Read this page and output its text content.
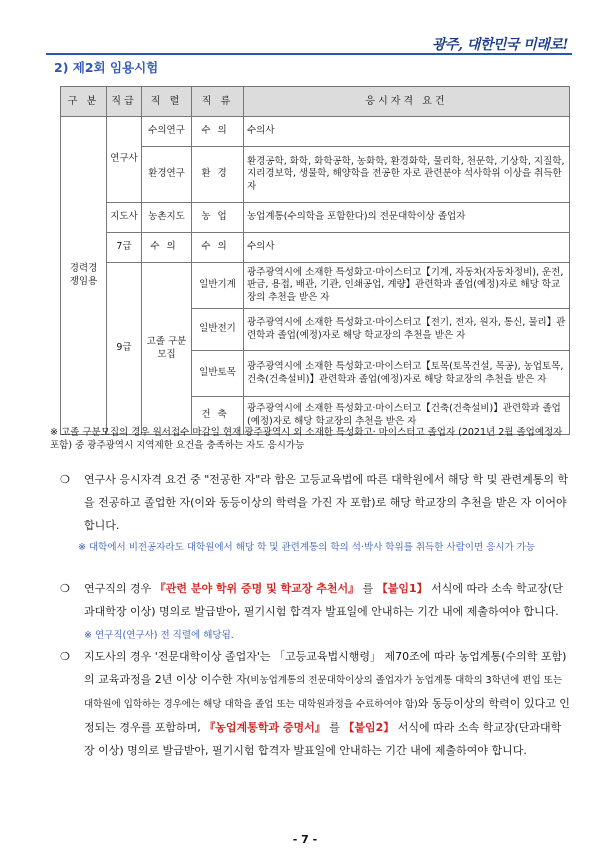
광주, 대한민국 미래로!
2) 제2회 임용시험
구 분	직급	직 렬	직 류	응시자격 요건

경력경쟁임용	연구사	수의연구	수의	수의사
		환경연구	환경	환경공학, 화학, 화학공학, 농화학, 환경화학, 물리학, 천문학, 기상학, 지질학, 지리경보학, 생물학, 해양학을 전공한 자로 관련분야 석사학위 이상을 취득한 자
	지도사	농촌지도	농업	농업계통(수의학을 포함한다)의 전문대학이상 졸업자
	7급	수의	수의	수의사
	9급	고졸 구분모집	일반기계	광주광역시에 소재한 특성화고·마이스터고【기계, 자동차(자동차정비), 운전, 판금, 용접, 배관, 기관, 인쇄공업, 계량】관련학과 졸업(예정)자로 해당 학교장의 추천을 받은 자
			일반전기	광주광역시에 소재한 특성화고·마이스터고【전기, 전자, 원자, 통신, 물리】관련학과 졸업(예정)자로 해당 학교장의 추천을 받은 자
			일반토목	광주광역시에 소재한 특성화고·마이스터고【토목(토목건설, 목공), 농업토목, 건축(건축설비)】관련학과 졸업(예정)자로 해당 학교장의 추천을 받은 자
			건축	광주광역시에 소재한 특성화고·마이스터고【건축(건축설비)】관련학과 졸업(예정)자로 해당 학교장의 추천을 받은 자
※ 고졸 구분모집의 경우 원서접수 마감일 현재 광주광역시 외 소재한 특성화고· 마이스터고 졸업자 (2021년 2월 졸업예정자 포함) 중 광주광역시 지역제한 요건을 충족하는 자도 응시가능
❍ 연구사 응시자격 요건 중 "전공한 자"라 함은 고등교육법에 따른 대학원에서 해당 학 및 관련계통의 학을 전공하고 졸업한 자(이와 동등이상의 학력을 가진 자 포함)로 해당 학교장의 추천을 받은 자 이어야 합니다.
※ 대학에서 비전공자라도 대학원에서 해당 학 및 관련계통의 학의 석·박사 학위를 취득한 사람이면 응시가 가능
❍ 연구직의 경우 『관련 분야 학위 증명 및 학교장 추천서』 를 【붙임1】 서식에 따라 소속 학교장(단과대학장 이상) 명의로 발급받아, 필기시험 합격자 발표일에 안내하는 기간 내에 제출하여야 합니다. ※ 연구직(연구사) 전 직렬에 해당됨.
❍ 지도사의 경우 '전문대학이상 졸업자'는 「고등교육법시행령」 제70조에 따라 농업계통(수의학 포함)의 교육과정을 2년 이상 이수한 자(비농업계통의 전문대학이상의 졸업자가 농업계통 대학의 3학년에 편입 또는 대학원에 입학하는 경우에는 해당 대학을 졸업 또는 대학원과정을 수료하여야 함)와 동등이상의 학력이 있다고 인정되는 경우를 포함하며, 『농업계통학과 증명서』 를 【붙임2】 서식에 따라 소속 학교장(단과대학장 이상) 명의로 발급받아, 필기시험 합격자 발표일에 안내하는 기간 내에 제출하여야 합니다.
- 7 -
